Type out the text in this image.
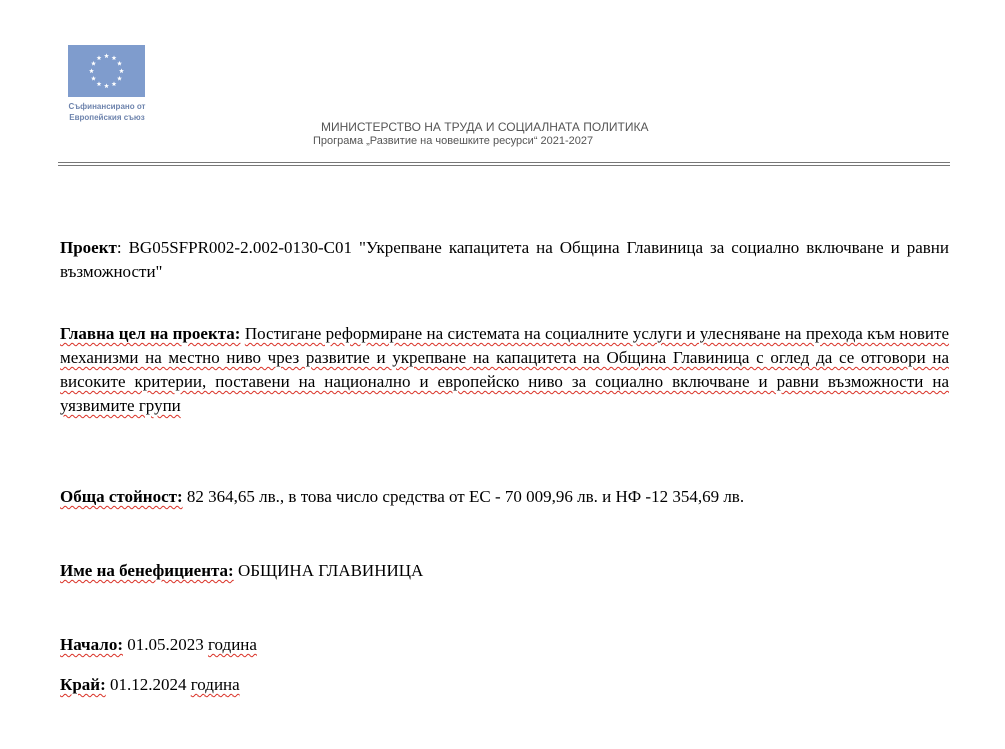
Съфинансирано от
Европейския съюз
МИНИСТЕРСТВО НА ТРУДА И СОЦИАЛНАТА ПОЛИТИКА
Програма „Развитие на човешките ресурси“ 2021-2027
Проект: BG05SFPR002-2.002-0130-C01 "Укрепване капацитета на Община Главиница за социално включване и равни възможности"
Главна цел на проекта: Постигане реформиране на системата на социалните услуги и улесняване на прехода към новите механизми на местно ниво чрез развитие и укрепване на капацитета на Община Главиница с оглед да се отговори на високите критерии, поставени на национално и европейско ниво за социално включване и равни възможности на уязвимите групи
Обща стойност: 82 364,65 лв., в това число средства от ЕС - 70 009,96 лв. и НФ -12 354,69 лв.
Име на бенефициента: ОБЩИНА ГЛАВИНИЦА
Начало: 01.05.2023 година
Край: 01.12.2024 година
